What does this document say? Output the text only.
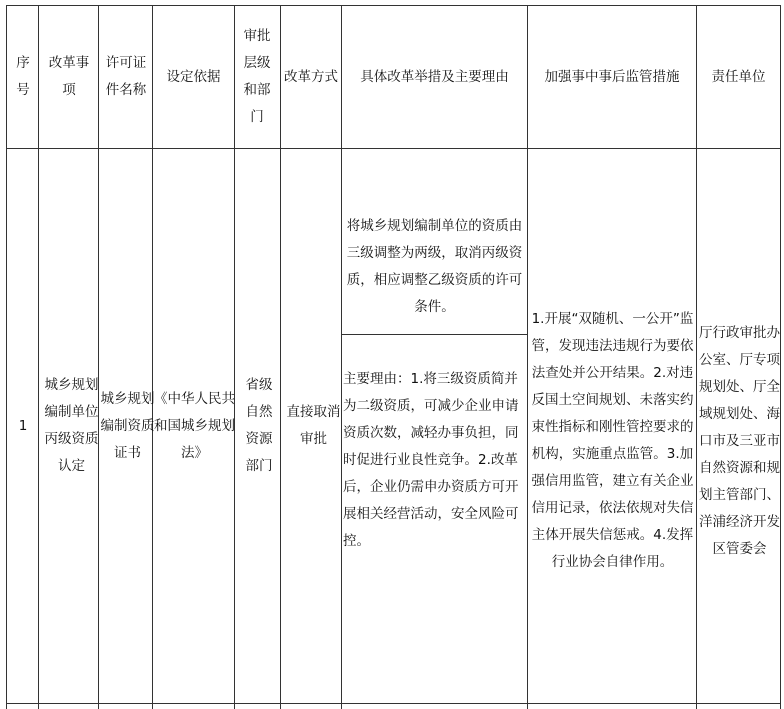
序号
改革事项
许可证件名称
设定依据
审批层级和部门
改革方式 具体改革举措及主要理由	加强事中事后监管措施 责任单位
1
城乡规划编制单位丙级资质认定
城乡规划编制资质证书
《中华人民共和国城乡规划法》
省级自然资源部门
直接取消审批
将城乡规划编制单位的资质由三级调整为两级，取消丙级资质，相应调整乙级资质的许可条件。
主要理由：1.将三级资质简并为二级资质，可减少企业申请资质次数，减轻办事负担，同时促进行业良性竞争。2.改革后，企业仍需申办资质方可开展相关经营活动，安全风险可控。
1.开展“双随机、一公开”监管，发现违法违规行为要依法查处并公开结果。2.对违反国土空间规划、未落实约束性指标和刚性管控要求的机构，实施重点监管。3.加强信用监管，建立有关企业信用记录，依法依规对失信主体开展失信惩戒。4.发挥行业协会自律作用。
厅行政审批办公室、厅专项规划处、厅全域规划处、海口市及三亚市自然资源和规划主管部门、洋浦经济开发区管委会
